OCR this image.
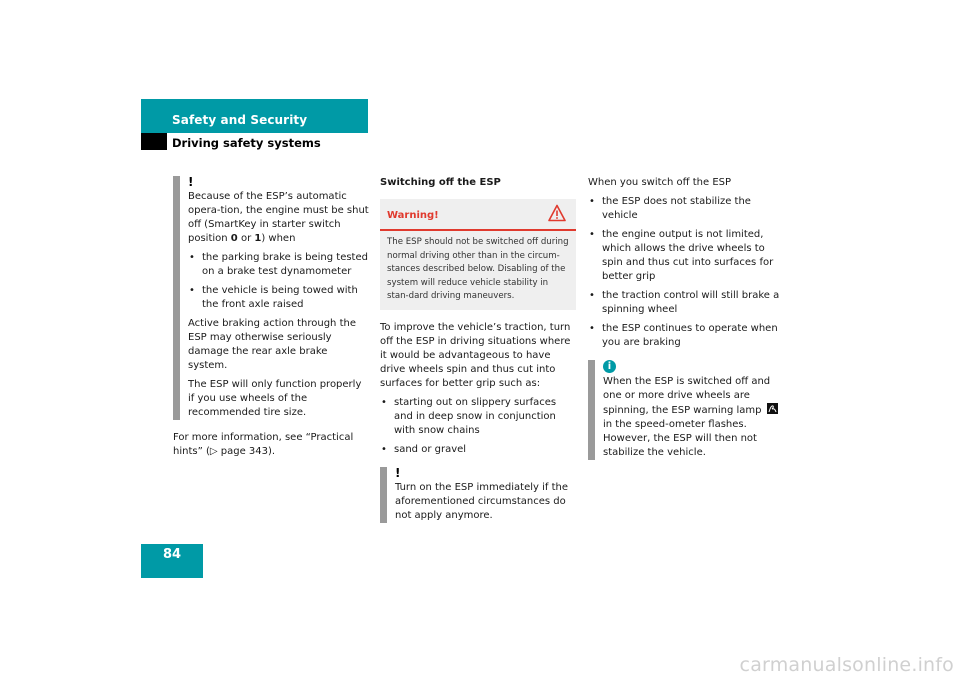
Safety and Security
Driving safety systems
!

Because of the ESP’s automatic opera-tion, the engine must be shut off (SmartKey in starter switch position 0 or 1) when

• the parking brake is being tested on a brake test dynamometer
• the vehicle is being towed with the front axle raised

Active braking action through the ESP may otherwise seriously damage the rear axle brake system.

The ESP will only function properly if you use wheels of the recommended tire size.

For more information, see “Practical hints” (▷ page 343).

Switching off the ESP
Warning!
The ESP should not be switched off during normal driving other than in the circum-stances described below. Disabling of the system will reduce vehicle stability in stan-dard driving maneuvers.

To improve the vehicle’s traction, turn off the ESP in driving situations where it would be advantageous to have drive wheels spin and thus cut into surfaces for better grip such as:

• starting out on slippery surfaces and in deep snow in conjunction with snow chains
• sand or gravel
!

Turn on the ESP immediately if the aforementioned circumstances do not apply anymore.

When you switch off the ESP

• the ESP does not stabilize the vehicle
• the engine output is not limited, which allows the drive wheels to spin and thus cut into surfaces for better grip
• the traction control will still brake a spinning wheel
• the ESP continues to operate when you are braking
i

When the ESP is switched off and one or more drive wheels are spinning, the ESP warning lamp
in the speed-ometer flashes. However, the ESP will then not stabilize the vehicle.

84
carmanualsonline.info
